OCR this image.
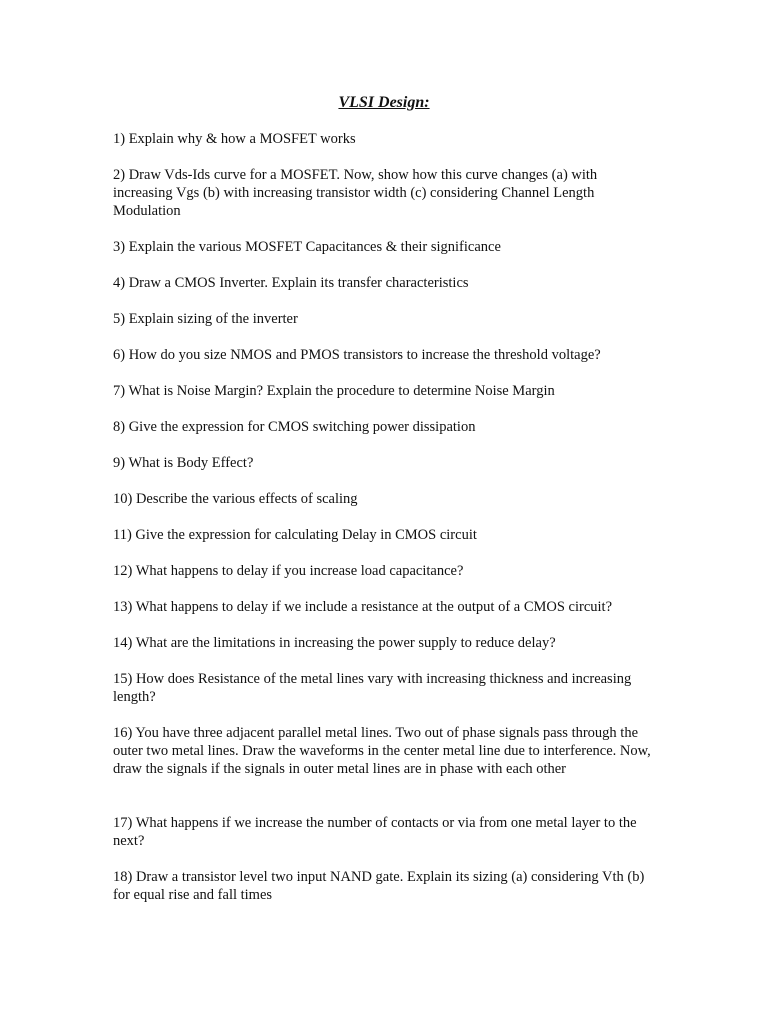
VLSI Design:
1) Explain why & how a MOSFET works
2) Draw Vds-Ids curve for a MOSFET. Now, show how this curve changes (a) with increasing Vgs (b) with increasing transistor width (c) considering Channel Length Modulation
3) Explain the various MOSFET Capacitances & their significance
4) Draw a CMOS Inverter. Explain its transfer characteristics
5) Explain sizing of the inverter
6) How do you size NMOS and PMOS transistors to increase the threshold voltage?
7) What is Noise Margin? Explain the procedure to determine Noise Margin
8) Give the expression for CMOS switching power dissipation
9) What is Body Effect?
10) Describe the various effects of scaling
11) Give the expression for calculating Delay in CMOS circuit
12) What happens to delay if you increase load capacitance?
13) What happens to delay if we include a resistance at the output of a CMOS circuit?
14) What are the limitations in increasing the power supply to reduce delay?
15) How does Resistance of the metal lines vary with increasing thickness and increasing length?
16) You have three adjacent parallel metal lines. Two out of phase signals pass through the outer two metal lines. Draw the waveforms in the center metal line due to interference. Now, draw the signals if the signals in outer metal lines are in phase with each other
17) What happens if we increase the number of contacts or via from one metal layer to the next?
18) Draw a transistor level two input NAND gate. Explain its sizing (a) considering Vth (b) for equal rise and fall times
